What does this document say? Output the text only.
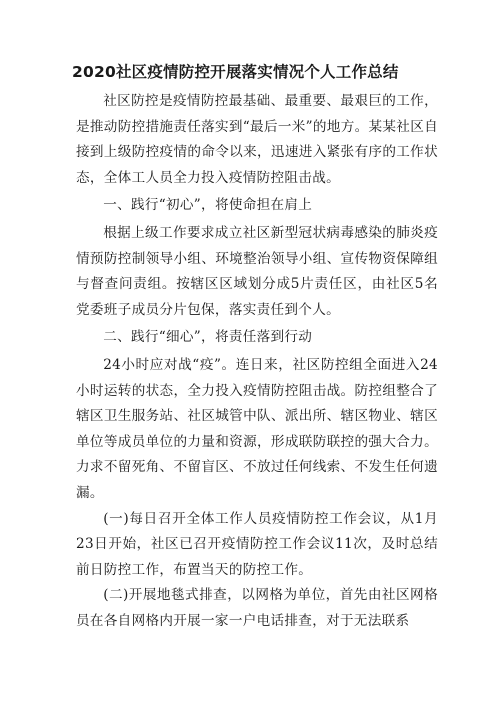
2020社区疫情防控开展落实情况个人工作总结

社区防控是疫情防控最基础、最重要、最艰巨的工作，是推动防控措施责任落实到“最后一米”的地方。某某社区自接到上级防控疫情的命令以来，迅速进入紧张有序的工作状态，全体工人员全力投入疫情防控阻击战。

一、践行“初心”，将使命担在肩上

根据上级工作要求成立社区新型冠状病毒感染的肺炎疫情预防控制领导小组、环境整治领导小组、宣传物资保障组与督查问责组。按辖区区域划分成5片责任区，由社区5名党委班子成员分片包保，落实责任到个人。

二、践行“细心”，将责任落到行动

24小时应对战“疫”。连日来，社区防控组全面进入24小时运转的状态，全力投入疫情防控阻击战。防控组整合了辖区卫生服务站、社区城管中队、派出所、辖区物业、辖区单位等成员单位的力量和资源，形成联防联控的强大合力。力求不留死角、不留盲区、不放过任何线索、不发生任何遗漏。

(一)每日召开全体工作人员疫情防控工作会议，从1月23日开始，社区已召开疫情防控工作会议11次，及时总结前日防控工作，布置当天的防控工作。

(二)开展地毯式排查，以网格为单位，首先由社区网格员在各自网格内开展一家一户电话排查，对于无法联系
